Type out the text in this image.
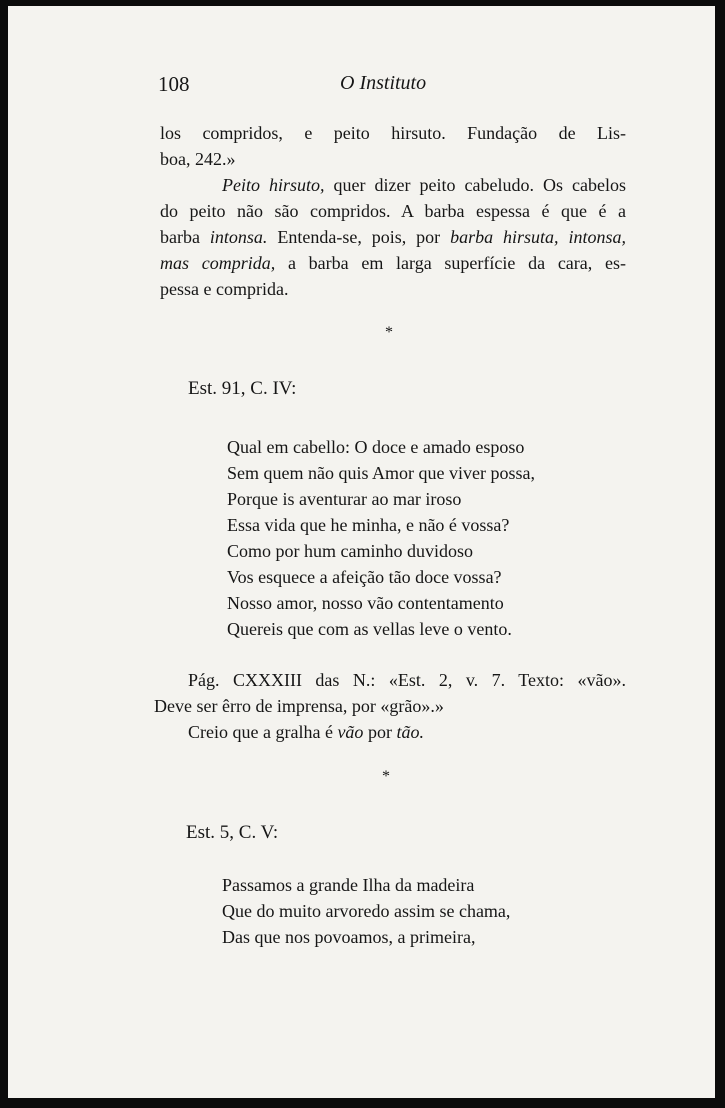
108	O Instituto
los compridos, e peito hirsuto. Fundação de Lis-
boa, 242.»
Peito hirsuto, quer dizer peito cabeludo. Os cabelos
do peito não são compridos. A barba espessa é que é a
barba intonsa. Entenda-se, pois, por barba hirsuta, intonsa,
mas comprida, a barba em larga superfície da cara, es-
pessa e comprida.
*
Est. 91, C. IV:
Qual em cabello: O doce e amado esposo
Sem quem não quis Amor que viver possa,
Porque is aventurar ao mar iroso
Essa vida que he minha, e não é vossa?
Como por hum caminho duvidoso
Vos esquece a afeição tão doce vossa?
Nosso amor, nosso vão contentamento
Quereis que com as vellas leve o vento.
Pág. CXXXIII das N.: «Est. 2, v. 7. Texto: «vão».
Deve ser êrro de imprensa, por «grão».»
Creio que a gralha é vão por tão.
*
Est. 5, C. V:
Passamos a grande Ilha da madeira
Que do muito arvoredo assim se chama,
Das que nos povoamos, a primeira,
